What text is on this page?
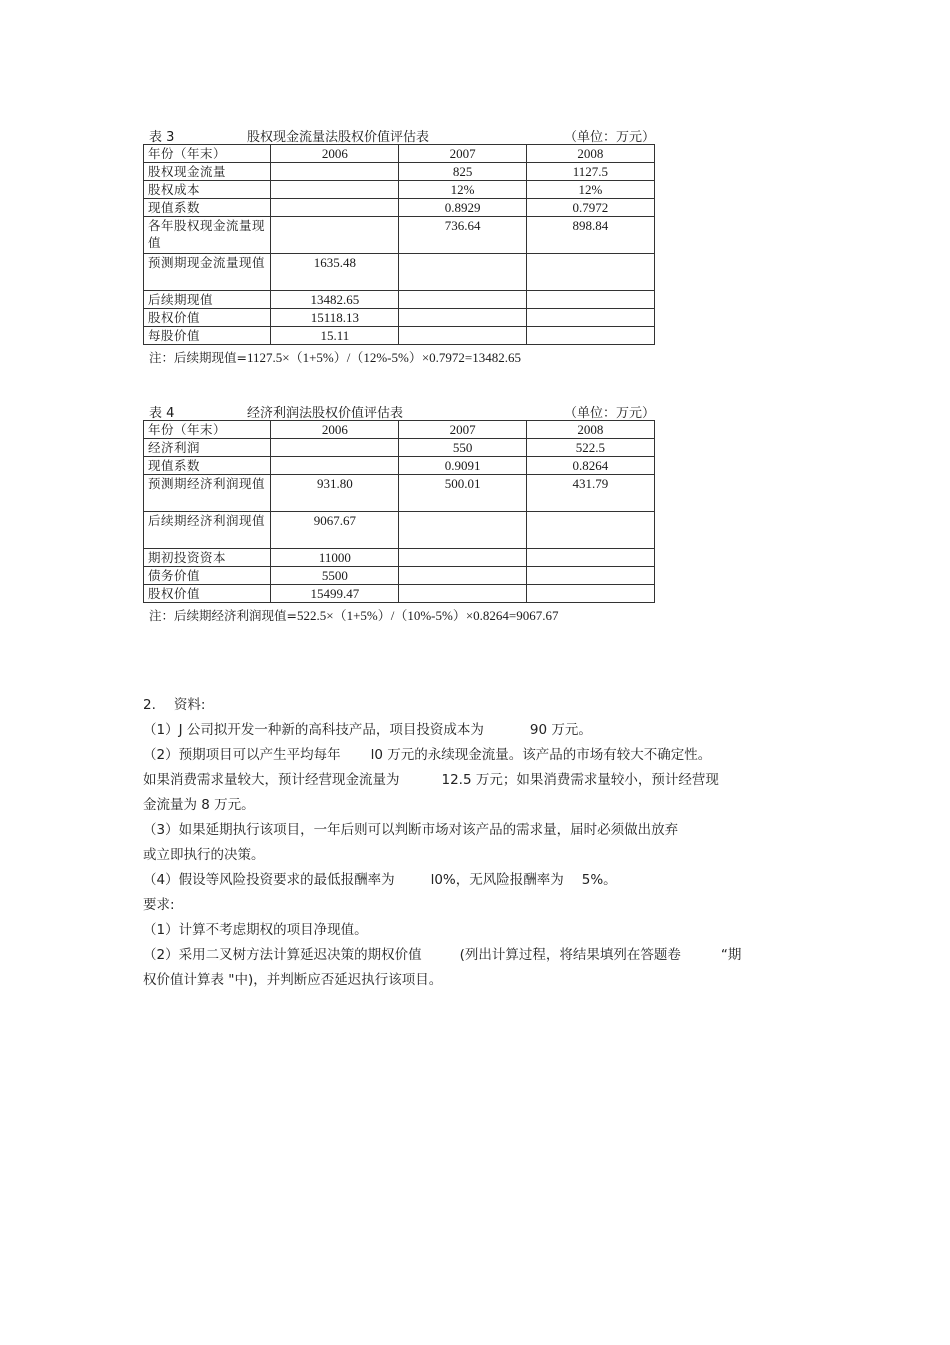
表 3	股权现金流量法股权价值评估表	（单位：万元）
年份（年末）	2006	2007	2008
股权现金流量		825	1127.5
股权成本		12%	12%
现值系数		0.8929	0.7972
各年股权现金流量现值		736.64	898.84
预测期现金流量现值	1635.48		
后续期现值	13482.65		
股权价值	15118.13		
每股价值	15.11		
注：后续期现值=1127.5×（1+5%）/（12%-5%）×0.7972=13482.65
表 4	经济利润法股权价值评估表	（单位：万元）
年份（年末）	2006	2007	2008
经济利润		550	522.5
现值系数		0.9091	0.8264
预测期经济利润现值	931.80	500.01	431.79
后续期经济利润现值	9067.67		
期初投资资本	11000		
债务价值	5500		
股权价值	15499.47		
注：后续期经济利润现值=522.5×（1+5%）/（10%-5%）×0.8264=9067.67

2. 资料:

（1）J 公司拟开发一种新的高科技产品，项目投资成本为	90 万元。

（2）预期项目可以产生平均每年 l0 万元的永续现金流量。该产品的市场有较大不确定性。

如果消费需求量较大，预计经营现金流量为	12.5 万元；如果消费需求量较小，预计经营现

金流量为 8 万元。

（3）如果延期执行该项目，一年后则可以判断市场对该产品的需求量，届时必须做出放弃

或立即执行的决策。

（4）假设等风险投资要求的最低报酬率为	l0%，无风险报酬率为 5%。

要求:

（1）计算不考虑期权的项目净现值。

（2）采用二叉树方法计算延迟决策的期权价值	(列出计算过程，将结果填列在答题卷	“期

权价值计算表 "中)，并判断应否延迟执行该项目。
